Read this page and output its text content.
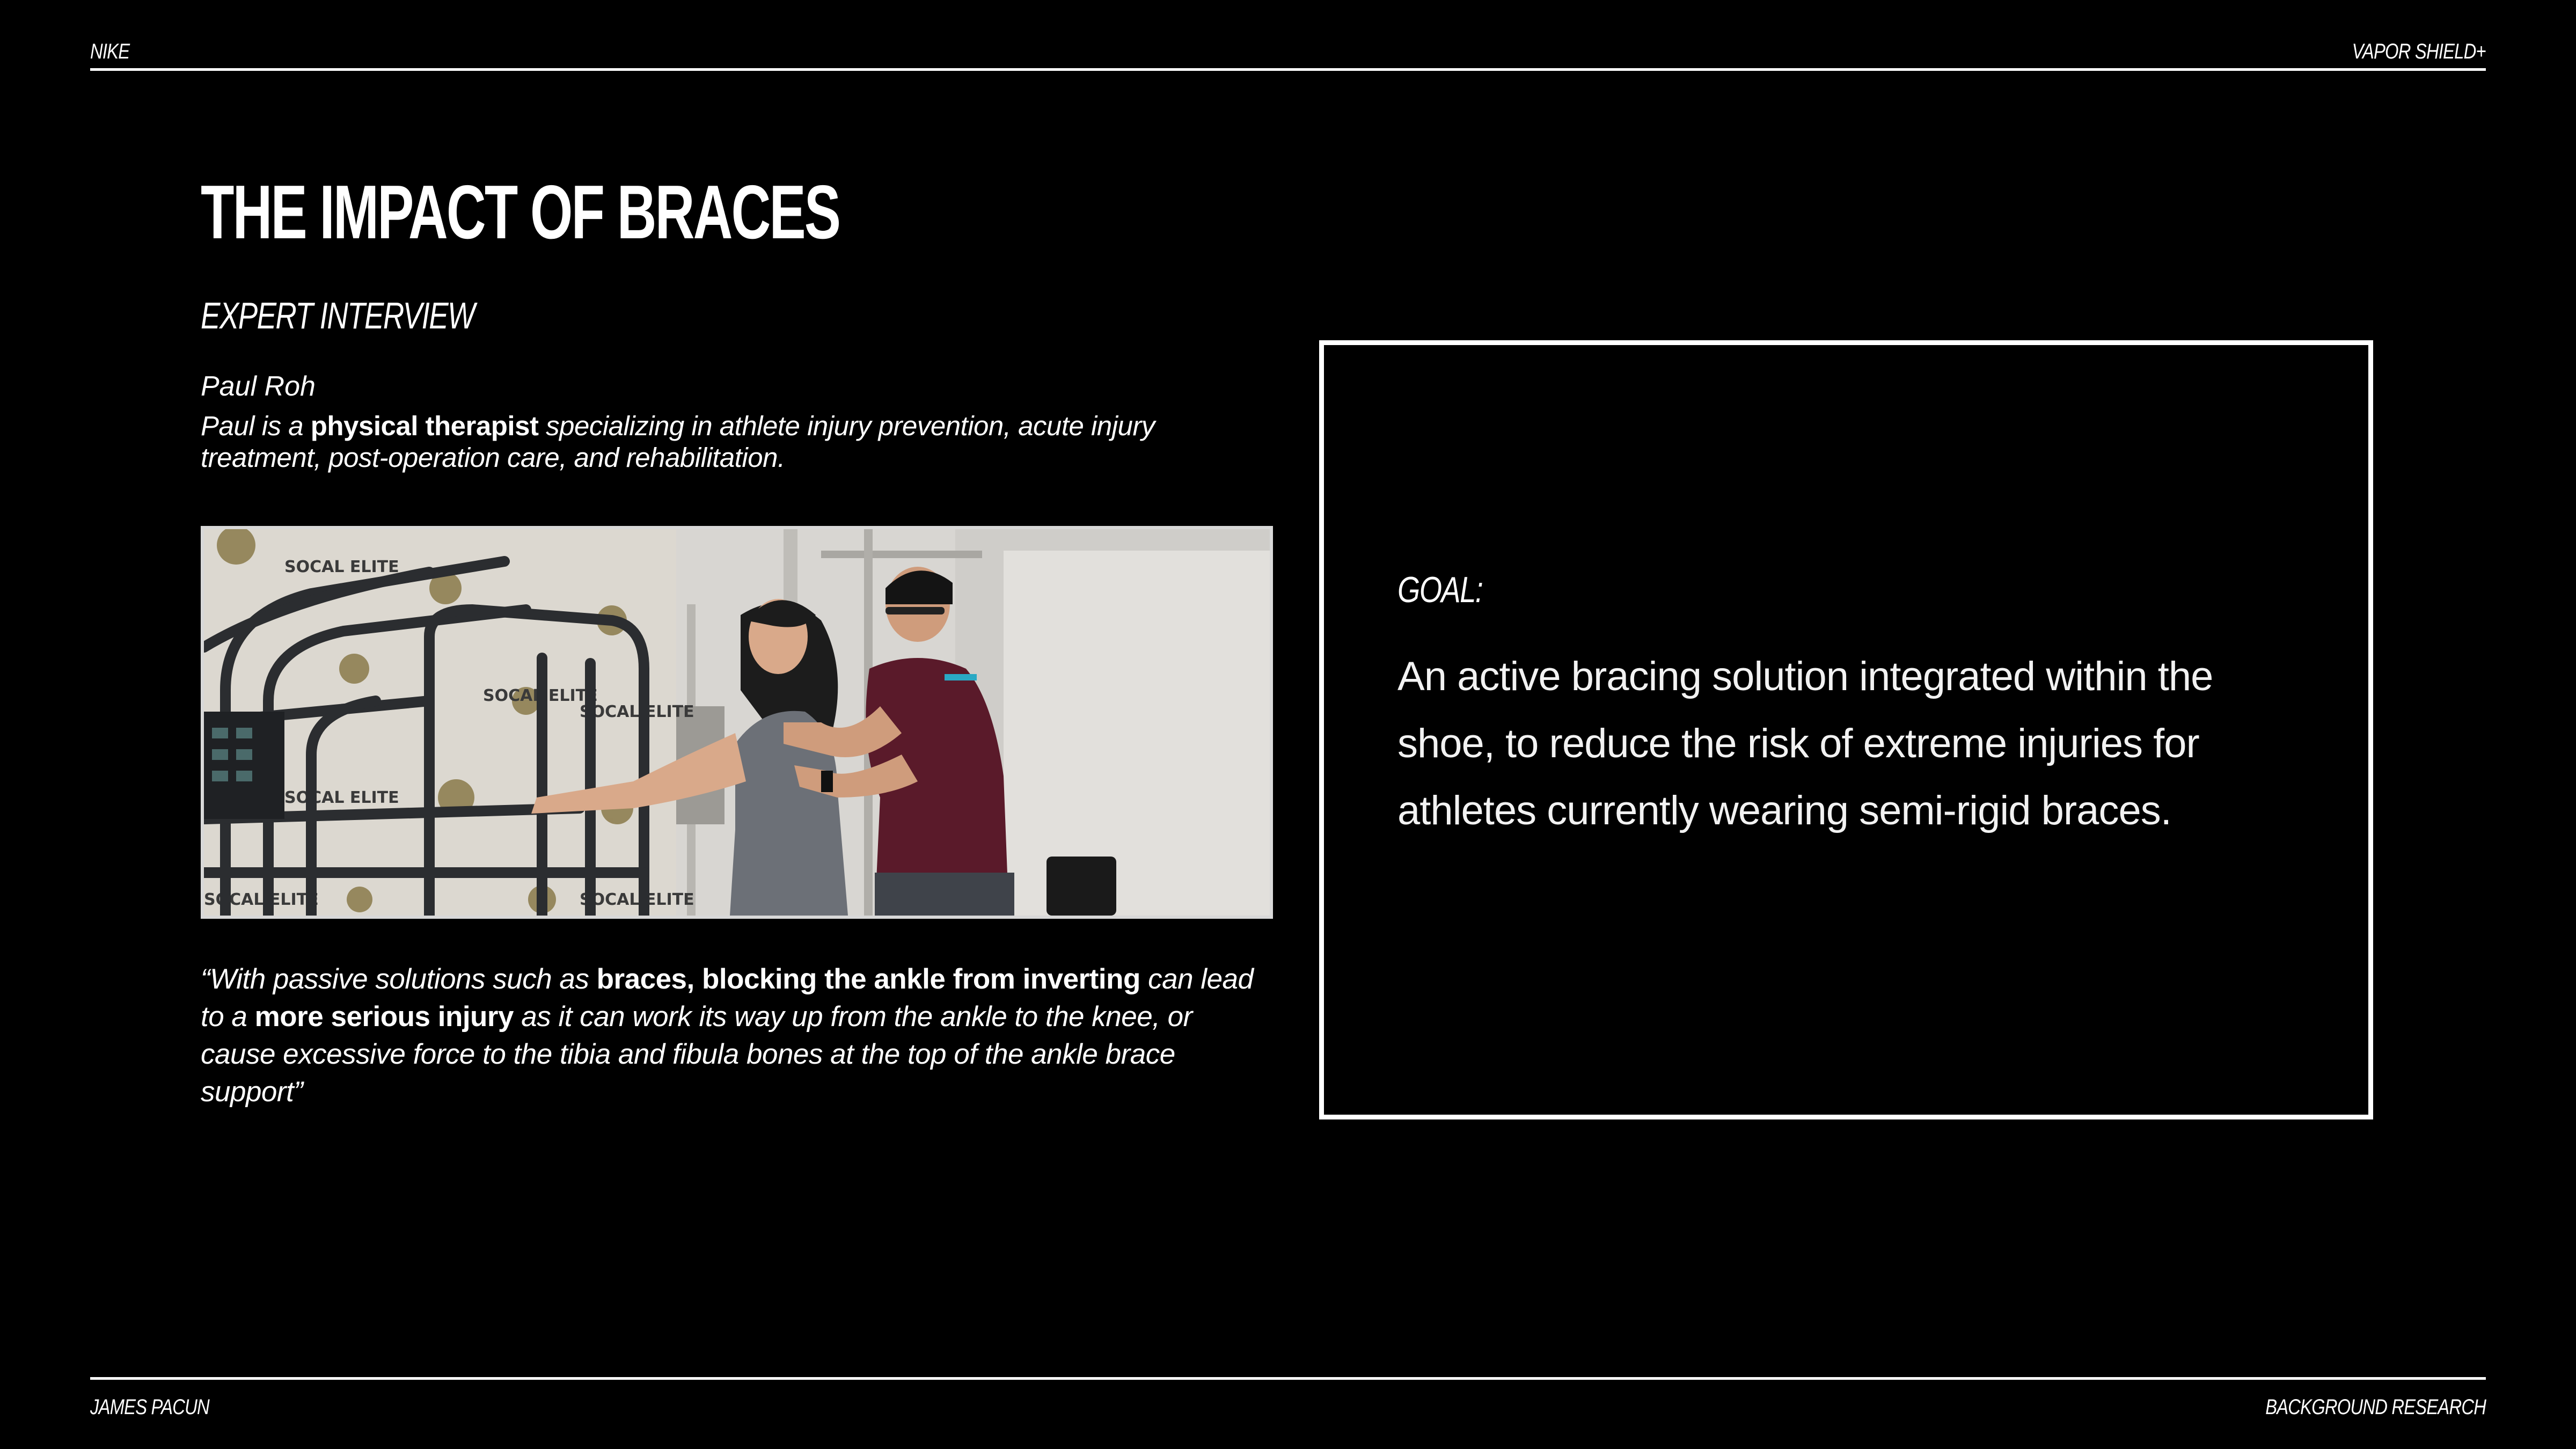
NIKE	VAPOR SHIELD+
THE IMPACT OF BRACES
EXPERT INTERVIEW
Paul Roh
Paul is a physical therapist specializing in athlete injury prevention, acute injury treatment, post-operation care, and rehabilitation.
SOCAL ELITE
SOCAL ELITE
SOCAL ELITE
SOCAL ELITE
SOCAL ELITE	SOCAL ELITE
“With passive solutions such as braces, blocking the ankle from inverting can lead to a more serious injury as it can work its way up from the ankle to the knee, or cause excessive force to the tibia and fibula bones at the top of the ankle brace support”
GOAL:
An active bracing solution integrated within the shoe, to reduce the risk of extreme injuries for athletes currently wearing semi-rigid braces.
JAMES PACUN	BACKGROUND RESEARCH
